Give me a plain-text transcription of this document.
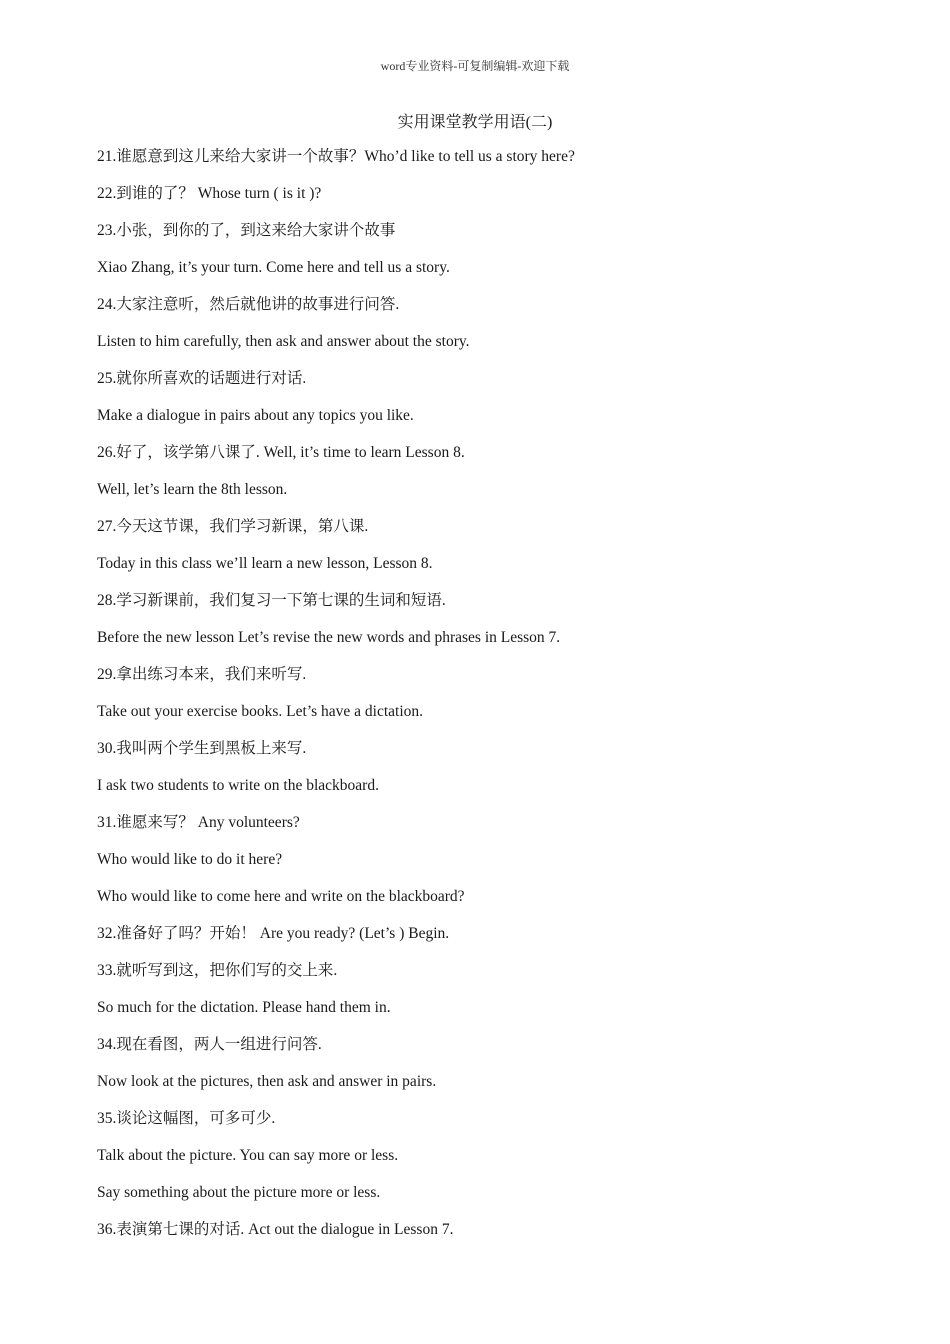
word专业资料-可复制编辑-欢迎下载
实用课堂教学用语(二)
21.谁愿意到这儿来给大家讲一个故事？Who’d like to tell us a story here?
22.到谁的了？ Whose turn ( is it )?
23.小张，到你的了，到这来给大家讲个故事
Xiao Zhang, it’s your turn. Come here and tell us a story.
24.大家注意听，然后就他讲的故事进行问答.
Listen to him carefully, then ask and answer about the story.
25.就你所喜欢的话题进行对话.
Make a dialogue in pairs about any topics you like.
26.好了，该学第八课了. Well, it’s time to learn Lesson 8.
Well, let’s learn the 8th lesson.
27.今天这节课，我们学习新课，第八课.
Today in this class we’ll learn a new lesson, Lesson 8.
28.学习新课前，我们复习一下第七课的生词和短语.
Before the new lesson Let’s revise the new words and phrases in Lesson 7.
29.拿出练习本来，我们来听写.
Take out your exercise books. Let’s have a dictation.
30.我叫两个学生到黑板上来写.
I ask two students to write on the blackboard.
31.谁愿来写？ Any volunteers?
Who would like to do it here?
Who would like to come here and write on the blackboard?
32.准备好了吗？开始！ Are you ready? (Let’s ) Begin.
33.就听写到这，把你们写的交上来.
So much for the dictation. Please hand them in.
34.现在看图，两人一组进行问答.
Now look at the pictures, then ask and answer in pairs.
35.谈论这幅图，可多可少.
Talk about the picture. You can say more or less.
Say something about the picture more or less.
36.表演第七课的对话. Act out the dialogue in Lesson 7.
